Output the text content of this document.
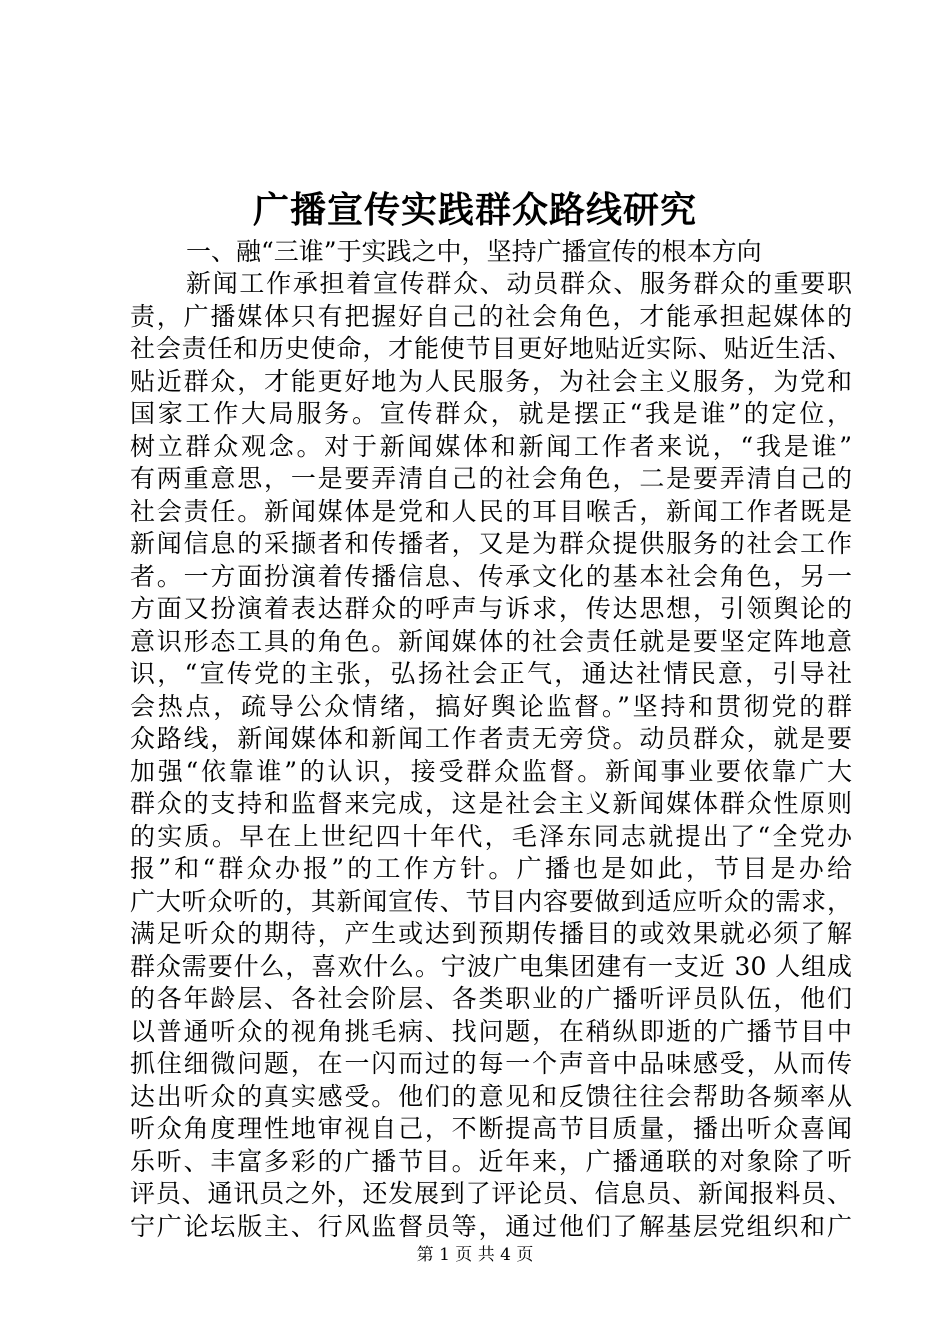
广播宣传实践群众路线研究

一、融“三谁”于实践之中，坚持广播宣传的根本方向

新闻工作承担着宣传群众、动员群众、服务群众的重要职
责，广播媒体只有把握好自己的社会角色，才能承担起媒体的
社会责任和历史使命，才能使节目更好地贴近实际、贴近生活、
贴近群众，才能更好地为人民服务，为社会主义服务，为党和
国家工作大局服务。宣传群众，就是摆正“我是谁”的定位，
树立群众观念。对于新闻媒体和新闻工作者来说，“我是谁”
有两重意思，一是要弄清自己的社会角色，二是要弄清自己的
社会责任。新闻媒体是党和人民的耳目喉舌，新闻工作者既是
新闻信息的采撷者和传播者，又是为群众提供服务的社会工作
者。一方面扮演着传播信息、传承文化的基本社会角色，另一
方面又扮演着表达群众的呼声与诉求，传达思想，引领舆论的
意识形态工具的角色。新闻媒体的社会责任就是要坚定阵地意
识，“宣传党的主张，弘扬社会正气，通达社情民意，引导社
会热点，疏导公众情绪，搞好舆论监督。”坚持和贯彻党的群
众路线，新闻媒体和新闻工作者责无旁贷。动员群众，就是要
加强“依靠谁”的认识，接受群众监督。新闻事业要依靠广大
群众的支持和监督来完成，这是社会主义新闻媒体群众性原则
的实质。早在上世纪四十年代，毛泽东同志就提出了“全党办
报”和“群众办报”的工作方针。广播也是如此，节目是办给
广大听众听的，其新闻宣传、节目内容要做到适应听众的需求，
满足听众的期待，产生或达到预期传播目的或效果就必须了解
群众需要什么，喜欢什么。宁波广电集团建有一支近 30 人组成
的各年龄层、各社会阶层、各类职业的广播听评员队伍，他们
以普通听众的视角挑毛病、找问题，在稍纵即逝的广播节目中
抓住细微问题，在一闪而过的每一个声音中品味感受，从而传
达出听众的真实感受。他们的意见和反馈往往会帮助各频率从
听众角度理性地审视自己，不断提高节目质量，播出听众喜闻
乐听、丰富多彩的广播节目。近年来，广播通联的对象除了听
评员、通讯员之外，还发展到了评论员、信息员、新闻报料员、
宁广论坛版主、行风监督员等，通过他们了解基层党组织和广
第 1 页 共 4 页
